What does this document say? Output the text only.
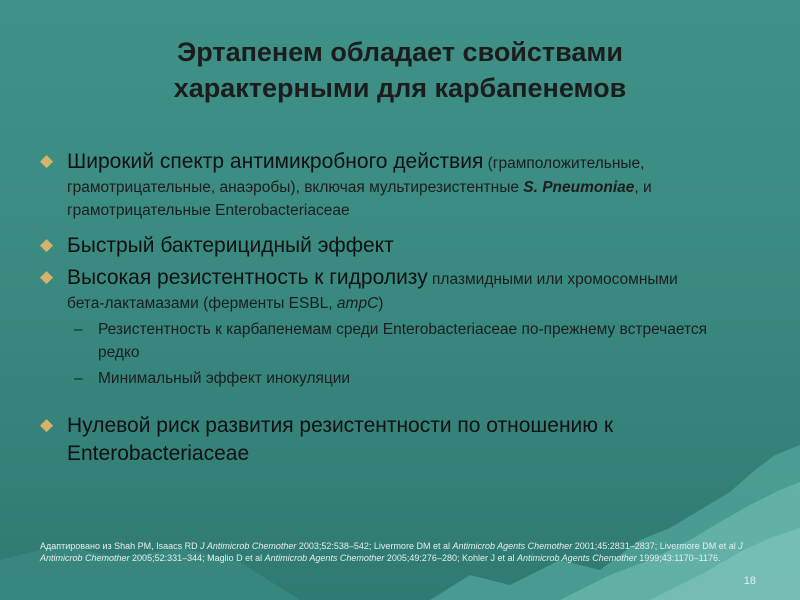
Эртапенем обладает свойствами
характерными для карбапенемов
◆ Широкий спектр антимикробного действия (грамположительные,
грамотрицательные, анаэробы), включая мультирезистентные S. Pneumoniae, и
грамотрицательные Enterobacteriaceae
◆ Быстрый бактерицидный эффект
◆ Высокая резистентность к гидролизу плазмидными или хромосомными
бета-лактамазами (ферменты ESBL, ampC)
– Резистентность к карбапенемам среди Enterobacteriaceae по-прежнему встречается редко
– Минимальный эффект инокуляции
◆ Нулевой риск развития резистентности по отношению к
Enterobacteriaceae
Адаптировано из Shah PM, Isaacs RD J Antimicrob Chemother 2003;52:538–542; Livermore DM et al Antimicrob Agents Chemother 2001;45:2831–2837; Livermore DM et al J Antimicrob Chemother 2005;52:331–344; Maglio D et al Antimicrob Agents Chemother 2005;49:276–280; Kohler J et al Antimicrob Agents Chemother 1999;43:1170–1176.
18
